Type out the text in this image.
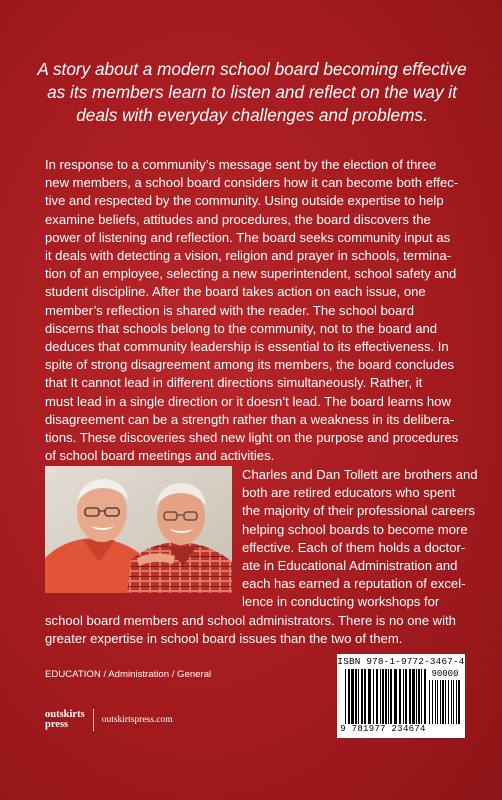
A story about a modern school board becoming effective
as its members learn to listen and reflect on the way it
deals with everyday challenges and problems.

In response to a community’s message sent by the election of three
new members, a school board considers how it can become both effec-
tive and respected by the community. Using outside expertise to help
examine beliefs, attitudes and procedures, the board discovers the
power of listening and reflection. The board seeks community input as
it deals with detecting a vision, religion and prayer in schools, termina-
tion of an employee, selecting a new superintendent, school safety and
student discipline. After the board takes action on each issue, one
member’s reflection is shared with the reader. The school board
discerns that schools belong to the community, not to the board and
deduces that community leadership is essential to its effectiveness. In
spite of strong disagreement among its members, the board concludes
that It cannot lead in different directions simultaneously. Rather, it
must lead in a single direction or it doesn’t lead. The board learns how
disagreement can be a strength rather than a weakness in its delibera-
tions. These discoveries shed new light on the purpose and procedures
of school board meetings and activities.

Charles and Dan Tollett are brothers and
both are retired educators who spent
the majority of their professional careers
helping school boards to become more
effective. Each of them holds a doctor-
ate in Educational Administration and
each has earned a reputation of excel-
lence in conducting workshops for
school board members and school administrators. There is no one with
greater expertise in school board issues than the two of them.
EDUCATION / Administration / General
outskirts
press	outskirtspress.com
ISBN 978-1-9772-3467-4
90000
9 781977 234674
